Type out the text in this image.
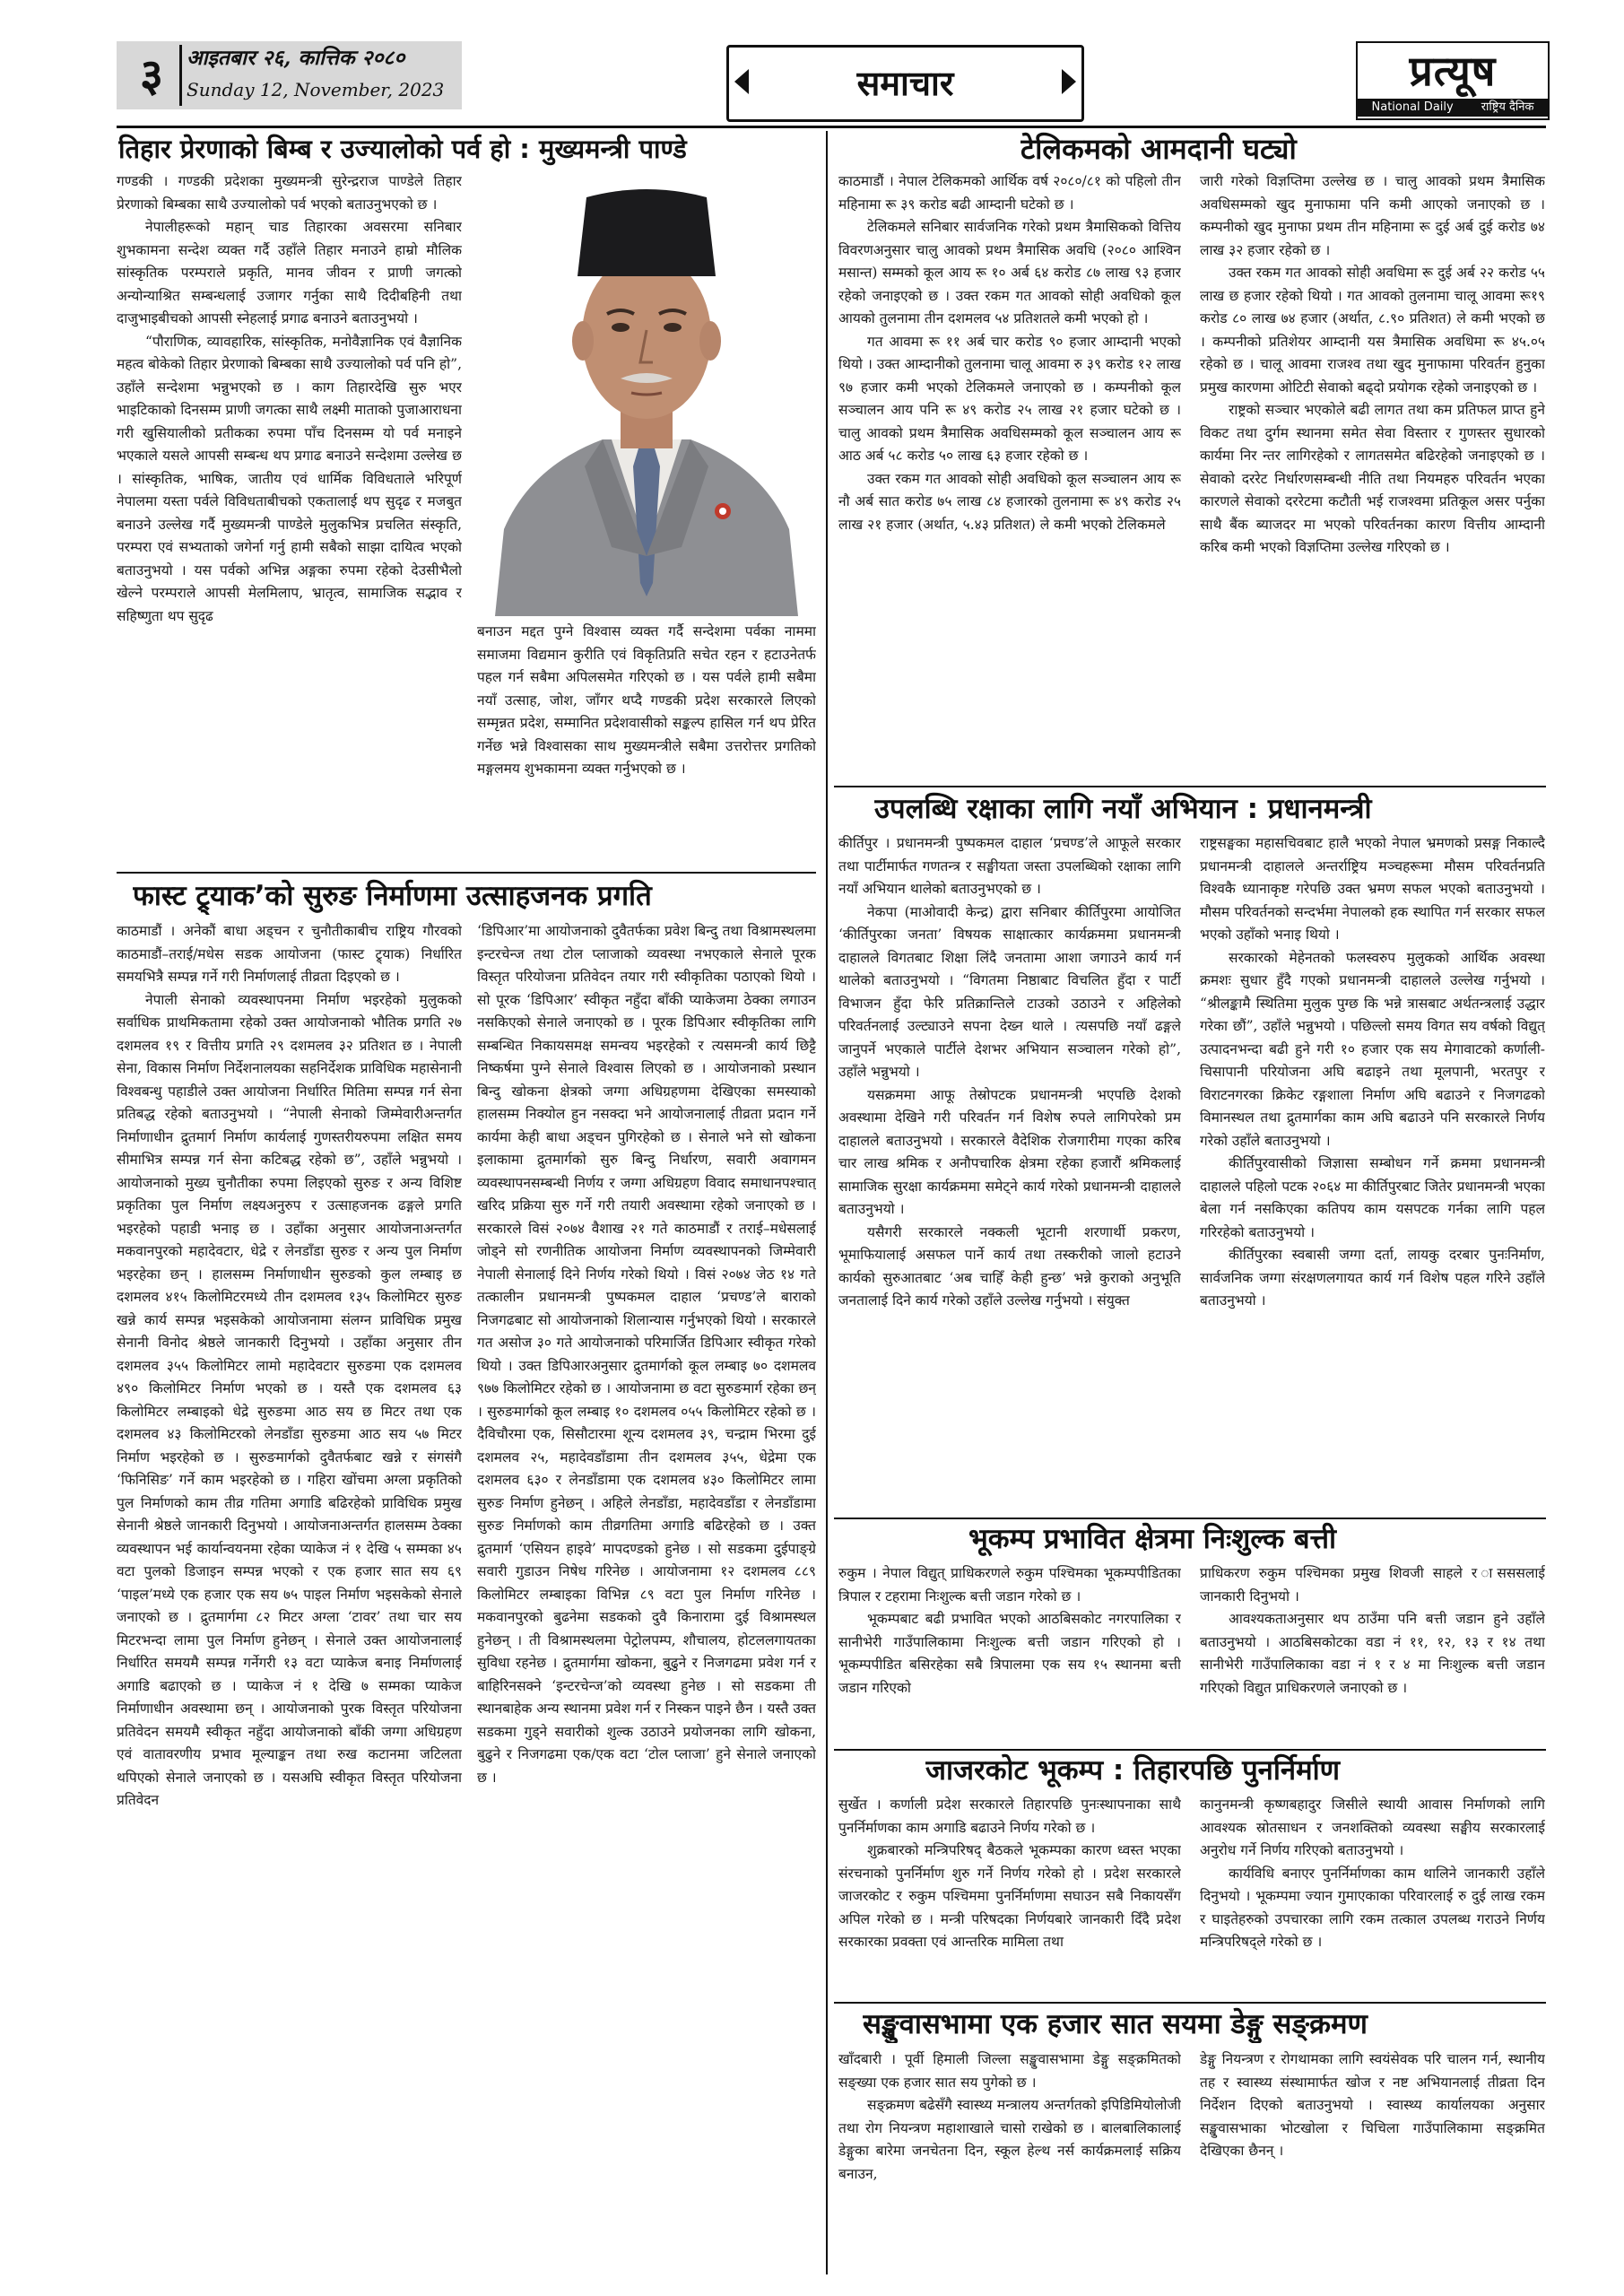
३	आइतबार २६, कात्तिक २०८०
Sunday 12, November, 2023	समाचार	प्रत्यूष
National Daily राष्ट्रिय दैनिक
तिहार प्रेरणाको बिम्ब र उज्यालोको पर्व हो : मुख्यमन्त्री पाण्डे

गण्डकी । गण्डकी प्रदेशका मुख्यमन्त्री सुरेन्द्रराज पाण्डेले तिहार प्रेरणाको बिम्बका साथै उज्यालोको पर्व भएको बताउनुभएको छ ।

नेपालीहरूको महान् चाड तिहारका अवसरमा सनिबार शुभकामना सन्देश व्यक्त गर्दै उहाँले तिहार मनाउने हाम्रो मौलिक सांस्कृतिक परम्पराले प्रकृति, मानव जीवन र प्राणी जगत्को अन्योन्याश्रित सम्बन्धलाई उजागर गर्नुका साथै दिदीबहिनी तथा दाजुभाइबीचको आपसी स्नेहलाई प्रगाढ बनाउने बताउनुभयो ।

“पौराणिक, व्यावहारिक, सांस्कृतिक, मनोवैज्ञानिक एवं वैज्ञानिक महत्व बोकेको तिहार प्रेरणाको बिम्बका साथै उज्यालोको पर्व पनि हो”, उहाँले सन्देशमा भन्नुभएको छ । काग तिहारदेखि सुरु भएर भाइटिकाको दिनसम्म प्राणी जगत्का साथै लक्ष्मी माताको पुजाआराधना गरी खुसियालीको प्रतीकका रुपमा पाँच दिनसम्म यो पर्व मनाइने भएकाले यसले आपसी सम्बन्ध थप प्रगाढ बनाउने सन्देशमा उल्लेख छ । सांस्कृतिक, भाषिक, जातीय एवं धार्मिक विविधताले भरिपूर्ण नेपालमा यस्ता पर्वले विविधताबीचको एकतालाई थप सुदृढ र मजबुत बनाउने उल्लेख गर्दै मुख्यमन्त्री पाण्डेले मुलुकभित्र प्रचलित संस्कृति, परम्परा एवं सभ्यताको जगेर्ना गर्नु हामी सबैको साझा दायित्व भएको बताउनुभयो । यस पर्वको अभिन्न अङ्गका रुपमा रहेको देउसीभैलो खेल्ने परम्पराले आपसी मेलमिलाप, भ्रातृत्व, सामाजिक सद्भाव र सहिष्णुता थप सुदृढ

बनाउन मद्दत पुग्ने विश्वास व्यक्त गर्दै सन्देशमा पर्वका नाममा समाजमा विद्यमान कुरीति एवं विकृतिप्रति सचेत रहन र हटाउनेतर्फ पहल गर्न सबैमा अपिलसमेत गरिएको छ । यस पर्वले हामी सबैमा नयाँ उत्साह, जोश, जाँगर थप्दै गण्डकी प्रदेश सरकारले लिएको सम्मृन्नत प्रदेश, सम्मानित प्रदेशवासीको सङ्कल्प हासिल गर्न थप प्रेरित गर्नेछ भन्ने विश्वासका साथ मुख्यमन्त्रीले सबैमा उत्तरोत्तर प्रगतिको मङ्गलमय शुभकामना व्यक्त गर्नुभएको छ ।

टेलिकमको आमदानी घट्यो

काठमाडौं । नेपाल टेलिकमको आर्थिक वर्ष २०८०/८१ को पहिलो तीन महिनामा रू ३९ करोड बढी आम्दानी घटेको छ ।

टेलिकमले सनिबार सार्वजनिक गरेको प्रथम त्रैमासिकको वित्तिय विवरणअनुसार चालु आवको प्रथम त्रैमासिक अवधि (२०८० आश्विन मसान्त) सम्मको कूल आय रू १० अर्ब ६४ करोड ८७ लाख ९३ हजार रहेको जनाइएको छ । उक्त रकम गत आवको सोही अवधिको कूल आयको तुलनामा तीन दशमलव ५४ प्रतिशतले कमी भएको हो ।

गत आवमा रू ११ अर्ब चार करोड ९० हजार आम्दानी भएको थियो । उक्त आम्दानीको तुलनामा चालू आवमा रु ३९ करोड १२ लाख ९७ हजार कमी भएको टेलिकमले जनाएको छ । कम्पनीको कूल सञ्चालन आय पनि रू ४९ करोड २५ लाख २१ हजार घटेको छ । चालु आवको प्रथम त्रैमासिक अवधिसम्मको कूल सञ्चालन आय रू आठ अर्ब ५८ करोड ५० लाख ६३ हजार रहेको छ ।

उक्त रकम गत आवको सोही अवधिको कूल सञ्चालन आय रू नौ अर्ब सात करोड ७५ लाख ८४ हजारको तुलनामा रू ४९ करोड २५ लाख २१ हजार (अर्थात, ५.४३ प्रतिशत) ले कमी भएको टेलिकमले

जारी गरेको विज्ञप्तिमा उल्लेख छ । चालु आवको प्रथम त्रैमासिक अवधिसम्मको खुद मुनाफामा पनि कमी आएको जनाएको छ । कम्पनीको खुद मुनाफा प्रथम तीन महिनामा रू दुई अर्ब दुई करोड ७४ लाख ३२ हजार रहेको छ ।

उक्त रकम गत आवको सोही अवधिमा रू दुई अर्ब २२ करोड ५५ लाख छ हजार रहेको थियो । गत आवको तुलनामा चालू आवमा रू१९ करोड ८० लाख ७४ हजार (अर्थात, ८.९० प्रतिशत) ले कमी भएको छ । कम्पनीको प्रतिशेयर आम्दानी यस त्रैमासिक अवधिमा रू ४५.०५ रहेको छ । चालू आवमा राजश्व तथा खुद मुनाफामा परिवर्तन हुनुका प्रमुख कारणमा ओटिटी सेवाको बढ्दो प्रयोगक रहेको जनाइएको छ ।

राष्ट्रको सञ्चार भएकोले बढी लागत तथा कम प्रतिफल प्राप्त हुने विकट तथा दुर्गम स्थानमा समेत सेवा विस्तार र गुणस्तर सुधारको कार्यमा निर न्तर लागिरहेको र लागतसमेत बढिरहेको जनाइएको छ । सेवाको दररेट निर्धारणसम्बन्धी नीति तथा नियमहरु परिवर्तन भएका कारणले सेवाको दररेटमा कटौती भई राजश्वमा प्रतिकूल असर पर्नुका साथै बैंक ब्याजदर मा भएको परिवर्तनका कारण वित्तीय आम्दानी करिब कमी भएको विज्ञप्तिमा उल्लेख गरिएको छ ।

उपलब्धि रक्षाका लागि नयाँ अभियान : प्रधानमन्त्री

कीर्तिपुर । प्रधानमन्त्री पुष्पकमल दाहाल ‘प्रचण्ड’ले आफूले सरकार तथा पार्टीमार्फत गणतन्त्र र सङ्घीयता जस्ता उपलब्धिको रक्षाका लागि नयाँ अभियान थालेको बताउनुभएको छ ।

नेकपा (माओवादी केन्द्र) द्वारा सनिबार कीर्तिपुरमा आयोजित ‘कीर्तिपुरका जनता’ विषयक साक्षात्कार कार्यक्रममा प्रधानमन्त्री दाहालले विगतबाट शिक्षा लिंदै जनतामा आशा जगाउने कार्य गर्न थालेको बताउनुभयो । “विगतमा निष्ठाबाट विचलित हुँदा र पार्टी विभाजन हुँदा फेरि प्रतिक्रान्तिले टाउको उठाउने र अहिलेको परिवर्तनलाई उल्ट्याउने सपना देख्न थाले । त्यसपछि नयाँ ढङ्गले जानुपर्ने भएकाले पार्टीले देशभर अभियान सञ्चालन गरेको हो”, उहाँले भन्नुभयो ।

यसक्रममा आफू तेस्रोपटक प्रधानमन्त्री भएपछि देशको अवस्थामा देखिने गरी परिवर्तन गर्न विशेष रुपले लागिपरेको प्रम दाहालले बताउनुभयो । सरकारले वैदेशिक रोजगारीमा गएका करिब चार लाख श्रमिक र अनौपचारिक क्षेत्रमा रहेका हजारौं श्रमिकलाई सामाजिक सुरक्षा कार्यक्रममा समेट्ने कार्य गरेको प्रधानमन्त्री दाहालले बताउनुभयो ।

यसैगरी सरकारले नक्कली भूटानी शरणार्थी प्रकरण, भूमाफियालाई असफल पार्ने कार्य तथा तस्करीको जालो हटाउने कार्यको सुरुआतबाट ‘अब चाहिँ केही हुन्छ’ भन्ने कुराको अनुभूति जनतालाई दिने कार्य गरेको उहाँले उल्लेख गर्नुभयो । संयुक्त

राष्ट्रसङ्घका महासचिवबाट हालै भएको नेपाल भ्रमणको प्रसङ्ग निकाल्दै प्रधानमन्त्री दाहालले अन्तर्राष्ट्रिय मञ्चहरूमा मौसम परिवर्तनप्रति विश्वकै ध्यानाकृष्ट गरेपछि उक्त भ्रमण सफल भएको बताउनुभयो । मौसम परिवर्तनको सन्दर्भमा नेपालको हक स्थापित गर्न सरकार सफल भएको उहाँको भनाइ थियो ।

सरकारको मेहेनतको फलस्वरुप मुलुकको आर्थिक अवस्था क्रमशः सुधार हुँदै गएको प्रधानमन्त्री दाहालले उल्लेख गर्नुभयो । “श्रीलङ्कामै स्थितिमा मुलुक पुग्छ कि भन्ने त्रासबाट अर्थतन्त्रलाई उद्धार गरेका छौं”, उहाँले भन्नुभयो । पछिल्लो समय विगत सय वर्षको विद्युत् उत्पादनभन्दा बढी हुने गरी १० हजार एक सय मेगावाटको कर्णाली-चिसापानी परियोजना अघि बढाइने तथा मूलपानी, भरतपुर र विराटनगरका क्रिकेट रङ्गशाला निर्माण अघि बढाउने र निजगढको विमानस्थल तथा द्रुतमार्गका काम अघि बढाउने पनि सरकारले निर्णय गरेको उहाँले बताउनुभयो ।

कीर्तिपुरवासीको जिज्ञासा सम्बोधन गर्ने क्रममा प्रधानमन्त्री दाहालले पहिलो पटक २०६४ मा कीर्तिपुरबाट जितेर प्रधानमन्त्री भएका बेला गर्न नसकिएका कतिपय काम यसपटक गर्नका लागि पहल गरिरहेको बताउनुभयो ।

कीर्तिपुरका स्वबासी जग्गा दर्ता, लायकु दरबार पुनःनिर्माण, सार्वजनिक जग्गा संरक्षणलगायत कार्य गर्न विशेष पहल गरिने उहाँले बताउनुभयो ।

फास्ट ट्र्याक’को सुरुङ निर्माणमा उत्साहजनक प्रगति

काठमाडौं । अनेकौं बाधा अड्चन र चुनौतीकाबीच राष्ट्रिय गौरवको काठमाडौं–तराई/मधेस सडक आयोजना (फास्ट ट्र्याक) निर्धारित समयभित्रै सम्पन्न गर्ने गरी निर्माणलाई तीव्रता दिइएको छ ।

नेपाली सेनाको व्यवस्थापनमा निर्माण भइरहेको मुलुकको सर्वाधिक प्राथमिकतामा रहेको उक्त आयोजनाको भौतिक प्रगति २७ दशमलव १९ र वित्तीय प्रगति २९ दशमलव ३२ प्रतिशत छ । नेपाली सेना, विकास निर्माण निर्देशनालयका सहनिर्देशक प्राविधिक महासेनानी विश्वबन्धु पहाडीले उक्त आयोजना निर्धारित मितिमा सम्पन्न गर्न सेना प्रतिबद्ध रहेको बताउनुभयो । “नेपाली सेनाको जिम्मेवारीअन्तर्गत निर्माणाधीन द्रुतमार्ग निर्माण कार्यलाई गुणस्तरीयरुपमा लक्षित समय सीमाभित्र सम्पन्न गर्न सेना कटिबद्ध रहेको छ”, उहाँले भन्नुभयो । आयोजनाको मुख्य चुनौतीका रुपमा लिइएको सुरुङ र अन्य विशिष्ट प्रकृतिका पुल निर्माण लक्ष्यअनुरुप र उत्साहजनक ढङ्गले प्रगति भइरहेको पहाडी भनाइ छ । उहाँका अनुसार आयोजनाअन्तर्गत मकवानपुरको महादेवटार, धेद्रे र लेनडाँडा सुरुङ र अन्य पुल निर्माण भइरहेका छन् । हालसम्म निर्माणाधीन सुरुङको कुल लम्बाइ छ दशमलव ४१५ किलोमिटरमध्ये तीन दशमलव १३५ किलोमिटर सुरुङ खन्ने कार्य सम्पन्न भइसकेको आयोजनामा संलग्न प्राविधिक प्रमुख सेनानी विनोद श्रेष्ठले जानकारी दिनुभयो । उहाँका अनुसार तीन दशमलव ३५५ किलोमिटर लामो महादेवटार सुरुङमा एक दशमलव ४९० किलोमिटर निर्माण भएको छ । यस्तै एक दशमलव ६३ किलोमिटर लम्बाइको धेद्रे सुरुङमा आठ सय छ मिटर तथा एक दशमलव ४३ किलोमिटरको लेनडाँडा सुरुङमा आठ सय ५७ मिटर निर्माण भइरहेको छ । सुरुङमार्गको दुवैतर्फबाट खन्ने र संगसंगै ‘फिनिसिङ’ गर्ने काम भइरहेको छ । गहिरा खोंचमा अग्ला प्रकृतिको पुल निर्माणको काम तीव्र गतिमा अगाडि बढिरहेको प्राविधिक प्रमुख सेनानी श्रेष्ठले जानकारी दिनुभयो । आयोजनाअन्तर्गत हालसम्म ठेक्का व्यवस्थापन भई कार्यान्वयनमा रहेका प्याकेज नं १ देखि ५ सम्मका ४५ वटा पुलको डिजाइन सम्पन्न भएको र एक हजार सात सय ६९ ‘पाइल’मध्ये एक हजार एक सय ७५ पाइल निर्माण भइसकेको सेनाले जनाएको छ । द्रुतमार्गमा ८२ मिटर अग्ला ‘टावर’ तथा चार सय मिटरभन्दा लामा पुल निर्माण हुनेछन् । सेनाले उक्त आयोजनालाई निर्धारित समयमै सम्पन्न गर्नेगरी १३ वटा प्याकेज बनाइ निर्माणलाई अगाडि बढाएको छ । प्याकेज नं १ देखि ७ सम्मका प्याकेज निर्माणाधीन अवस्थामा छन् । आयोजनाको पुरक विस्तृत परियोजना प्रतिवेदन समयमै स्वीकृत नहुँदा आयोजनाको बाँकी जग्गा अधिग्रहण एवं वातावरणीय प्रभाव मूल्याङ्कन तथा रुख कटानमा जटिलता थपिएको सेनाले जनाएको छ । यसअघि स्वीकृत विस्तृत परियोजना प्रतिवेदन

‘डिपिआर’मा आयोजनाको दुवैतर्फका प्रवेश बिन्दु तथा विश्रामस्थलमा इन्टरचेन्ज तथा टोल प्लाजाको व्यवस्था नभएकाले सेनाले पूरक विस्तृत परियोजना प्रतिवेदन तयार गरी स्वीकृतिका पठाएको थियो । सो पूरक ‘डिपिआर’ स्वीकृत नहुँदा बाँकी प्याकेजमा ठेक्का लगाउन नसकिएको सेनाले जनाएको छ । पूरक डिपिआर स्वीकृतिका लागि सम्बन्धित निकायसमक्ष समन्वय भइरहेको र त्यसमन्त्री कार्य छिट्टै निष्कर्षमा पुग्ने सेनाले विश्वास लिएको छ । आयोजनाको प्रस्थान बिन्दु खोकना क्षेत्रको जग्गा अधिग्रहणमा देखिएका समस्याको हालसम्म निक्योल हुन नसक्दा भने आयोजनालाई तीव्रता प्रदान गर्ने कार्यमा केही बाधा अड्चन पुगिरहेको छ । सेनाले भने सो खोकना इलाकामा द्रुतमार्गको सुरु बिन्दु निर्धारण, सवारी अवागमन व्यवस्थापनसम्बन्धी निर्णय र जग्गा अधिग्रहण विवाद समाधानपश्चात् खरिद प्रक्रिया सुरु गर्ने गरी तयारी अवस्थामा रहेको जनाएको छ । सरकारले विसं २०७४ वैशाख २१ गते काठमाडौं र तराई–मधेसलाई जोड्ने सो रणनीतिक आयोजना निर्माण व्यवस्थापनको जिम्मेवारी नेपाली सेनालाई दिने निर्णय गरेको थियो । विसं २०७४ जेठ १४ गते तत्कालीन प्रधानमन्त्री पुष्पकमल दाहाल ‘प्रचण्ड’ले बाराको निजगढबाट सो आयोजनाको शिलान्यास गर्नुभएको थियो । सरकारले गत असोज ३० गते आयोजनाको परिमार्जित डिपिआर स्वीकृत गरेको थियो । उक्त डिपिआरअनुसार द्रुतमार्गको कूल लम्बाइ ७० दशमलव ९७७ किलोमिटर रहेको छ । आयोजनामा छ वटा सुरुङमार्ग रहेका छन् । सुरुङमार्गको कूल लम्बाइ १० दशमलव ०५५ किलोमिटर रहेको छ । दैविचौरमा एक, सिसौटारमा शून्य दशमलव ३९, चन्द्राम भिरमा दुई दशमलव २५, महादेवडाँडामा तीन दशमलव ३५५, धेद्रेमा एक दशमलव ६३० र लेनडाँडामा एक दशमलव ४३० किलोमिटर लामा सुरुङ निर्माण हुनेछन् । अहिले लेनडाँडा, महादेवडाँडा र लेनडाँडामा सुरुङ निर्माणको काम तीव्रगतिमा अगाडि बढिरहेको छ । उक्त द्रुतमार्ग ‘एसियन हाइवे’ मापदण्डको हुनेछ । सो सडकमा दुईपाङ्ग्रे सवारी गुडाउन निषेध गरिनेछ । आयोजनामा १२ दशमलव ८८९ किलोमिटर लम्बाइका विभिन्न ८९ वटा पुल निर्माण गरिनेछ । मकवानपुरको बुढनेमा सडकको दुवै किनारामा दुई विश्रामस्थल हुनेछन् । ती विश्रामस्थलमा पेट्रोलपम्प, शौचालय, होटललगायतका सुविधा रहनेछ । द्रुतमार्गमा खोकना, बुढुने र निजगढमा प्रवेश गर्न र बाहिरिनसक्ने ‘इन्टरचेन्ज’को व्यवस्था हुनेछ । सो सडकमा ती स्थानबाहेक अन्य स्थानमा प्रवेश गर्न र निस्कन पाइने छैन । यस्तै उक्त सडकमा गुड्ने सवारीको शुल्क उठाउने प्रयोजनका लागि खोकना, बुढुने र निजगढमा एक/एक वटा ‘टोल प्लाजा’ हुने सेनाले जनाएको छ ।

भूकम्प प्रभावित क्षेत्रमा निःशुल्क बत्ती

रुकुम । नेपाल विद्युत् प्राधिकरणले रुकुम पश्चिमका भूकम्पपीडितका त्रिपाल र टहरामा निःशुल्क बत्ती जडान गरेको छ ।

भूकम्पबाट बढी प्रभावित भएको आठबिसकोट नगरपालिका र सानीभेरी गाउँपालिकामा निःशुल्क बत्ती जडान गरिएको हो । भूकम्पपीडित बसिरहेका सबै त्रिपालमा एक सय १५ स्थानमा बत्ती जडान गरिएको

प्राधिकरण रुकुम पश्चिमका प्रमुख शिवजी साहले र ासससलाई जानकारी दिनुभयो ।

आवश्यकताअनुसार थप ठाउँमा पनि बत्ती जडान हुने उहाँले बताउनुभयो । आठबिसकोटका वडा नं ११, १२, १३ र १४ तथा सानीभेरी गाउँपालिकाका वडा नं १ र ४ मा निःशुल्क बत्ती जडान गरिएको विद्युत प्राधिकरणले जनाएको छ ।

जाजरकोट भूकम्प : तिहारपछि पुनर्निर्माण

सुर्खेत । कर्णाली प्रदेश सरकारले तिहारपछि पुनःस्थापनाका साथै पुनर्निर्माणका काम अगाडि बढाउने निर्णय गरेको छ ।

शुक्रबारको मन्त्रिपरिषद् बैठकले भूकम्पका कारण ध्वस्त भएका संरचनाको पुनर्निर्माण शुरु गर्ने निर्णय गरेको हो । प्रदेश सरकारले जाजरकोट र रुकुम पश्चिममा पुनर्निर्माणमा सघाउन सबै निकायसँग अपिल गरेको छ । मन्त्री परिषदका निर्णयबारे जानकारी दिँदै प्रदेश सरकारका प्रवक्ता एवं आन्तरिक मामिला तथा

कानुनमन्त्री कृष्णबहादुर जिसीले स्थायी आवास निर्माणको लागि आवश्यक स्रोतसाधन र जनशक्तिको व्यवस्था सङ्घीय सरकारलाई अनुरोध गर्ने निर्णय गरिएको बताउनुभयो ।

कार्यविधि बनाएर पुनर्निर्माणका काम थालिने जानकारी उहाँले दिनुभयो । भूकम्पमा ज्यान गुमाएकाका परिवारलाई रु दुई लाख रकम र घाइतेहरुको उपचारका लागि रकम तत्काल उपलब्ध गराउने निर्णय मन्त्रिपरिषद्ले गरेको छ ।

सङ्खुवासभामा एक हजार सात सयमा डेङ्गु सङ्क्रमण

खाँदबारी । पूर्वी हिमाली जिल्ला सङ्खुवासभामा डेङ्गु सङ्क्रमितको सङ्ख्या एक हजार सात सय पुगेको छ ।

सङ्क्रमण बढेसँगै स्वास्थ्य मन्त्रालय अन्तर्गतको इपिडिमियोलोजी तथा रोग नियन्त्रण महाशाखाले चासो राखेको छ । बालबालिकालाई डेङ्गुका बारेमा जनचेतना दिन, स्कूल हेल्थ नर्स कार्यक्रमलाई सक्रिय बनाउन,

डेङ्गु नियन्त्रण र रोगथामका लागि स्वयंसेवक परि चालन गर्न, स्थानीय तह र स्वास्थ्य संस्थामार्फत खोज र नष्ट अभियानलाई तीव्रता दिन निर्देशन दिएको बताउनुभयो । स्वास्थ्य कार्यालयका अनुसार सङ्खुवासभाका भोटखोला र चिचिला गाउँपालिकामा सङ्क्रमित देखिएका छैनन् ।
